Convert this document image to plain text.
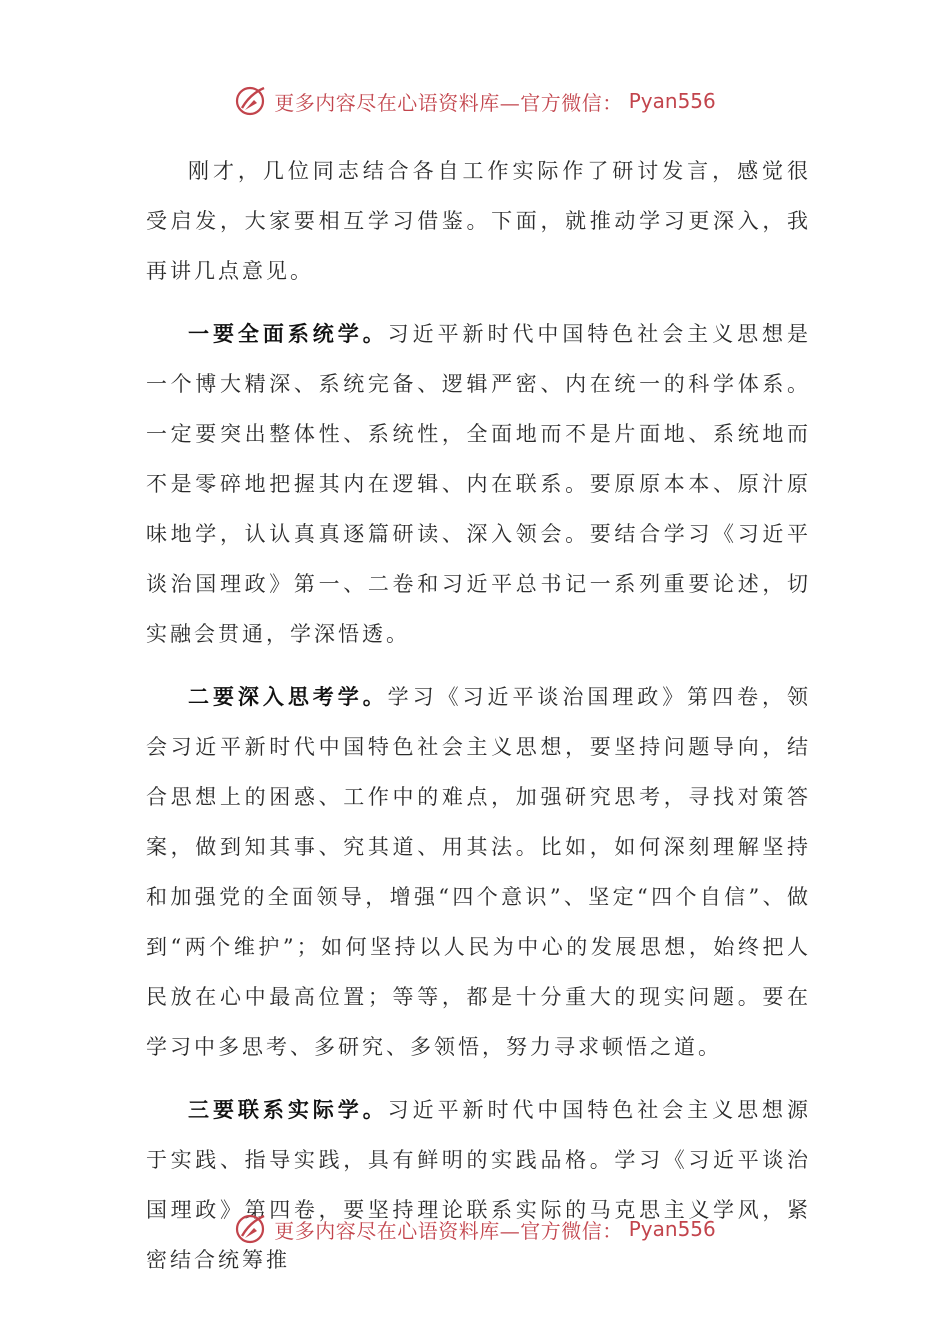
更多内容尽在心语资料库—官方微信： Pyan556

刚才，几位同志结合各自工作实际作了研讨发言，感觉很受启发，大家要相互学习借鉴。下面，就推动学习更深入，我再讲几点意见。

一要全面系统学。习近平新时代中国特色社会主义思想是一个博大精深、系统完备、逻辑严密、内在统一的科学体系。一定要突出整体性、系统性，全面地而不是片面地、系统地而不是零碎地把握其内在逻辑、内在联系。要原原本本、原汁原味地学，认认真真逐篇研读、深入领会。要结合学习《习近平谈治国理政》第一、二卷和习近平总书记一系列重要论述，切实融会贯通，学深悟透。

二要深入思考学。学习《习近平谈治国理政》第四卷，领会习近平新时代中国特色社会主义思想，要坚持问题导向，结合思想上的困惑、工作中的难点，加强研究思考，寻找对策答案，做到知其事、究其道、用其法。比如，如何深刻理解坚持和加强党的全面领导，增强“四个意识”、坚定“四个自信”、做到“两个维护”；如何坚持以人民为中心的发展思想，始终把人民放在心中最高位置；等等，都是十分重大的现实问题。要在学习中多思考、多研究、多领悟，努力寻求顿悟之道。

三要联系实际学。习近平新时代中国特色社会主义思想源于实践、指导实践，具有鲜明的实践品格。学习《习近平谈治国理政》第四卷，要坚持理论联系实际的马克思主义学风，紧密结合统筹推

更多内容尽在心语资料库—官方微信： Pyan556
